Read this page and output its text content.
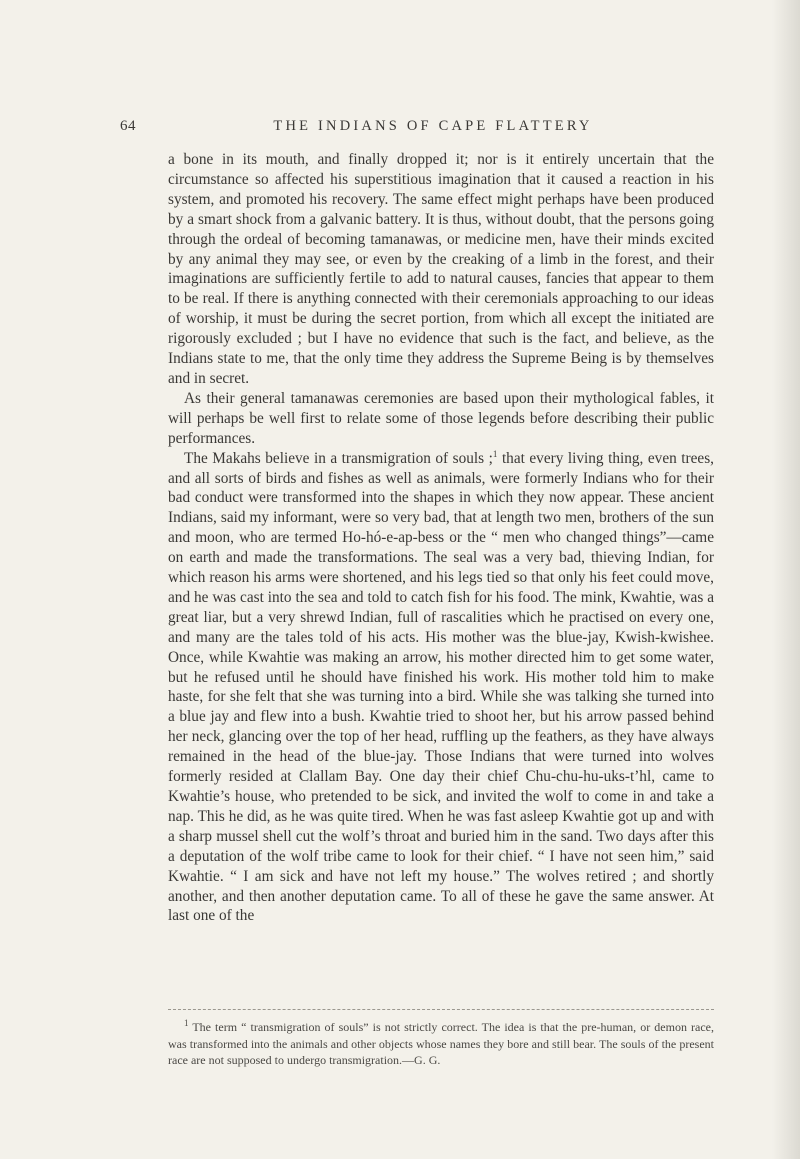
64	THE INDIANS OF CAPE FLATTERY

a bone in its mouth, and finally dropped it; nor is it entirely uncertain that the circumstance so affected his superstitious imagination that it caused a reaction in his system, and promoted his recovery. The same effect might perhaps have been produced by a smart shock from a galvanic battery. It is thus, without doubt, that the persons going through the ordeal of becoming tamanawas, or medicine men, have their minds excited by any animal they may see, or even by the creaking of a limb in the forest, and their imaginations are sufficiently fertile to add to natural causes, fancies that appear to them to be real. If there is anything connected with their ceremonials approaching to our ideas of worship, it must be during the secret portion, from which all except the initiated are rigorously excluded ; but I have no evidence that such is the fact, and believe, as the Indians state to me, that the only time they address the Supreme Being is by themselves and in secret.

As their general tamanawas ceremonies are based upon their mythological fables, it will perhaps be well first to relate some of those legends before describing their public performances.

The Makahs believe in a transmigration of souls ;$^1$ that every living thing, even trees, and all sorts of birds and fishes as well as animals, were formerly Indians who for their bad conduct were transformed into the shapes in which they now appear. These ancient Indians, said my informant, were so very bad, that at length two men, brothers of the sun and moon, who are termed Ho-hó-e-ap-bess or the “ men who changed things”—came on earth and made the transformations. The seal was a very bad, thieving Indian, for which reason his arms were shortened, and his legs tied so that only his feet could move, and he was cast into the sea and told to catch fish for his food. The mink, Kwahtie, was a great liar, but a very shrewd Indian, full of rascalities which he practised on every one, and many are the tales told of his acts. His mother was the blue-jay, Kwish-kwishee. Once, while Kwahtie was making an arrow, his mother directed him to get some water, but he refused until he should have finished his work. His mother told him to make haste, for she felt that she was turning into a bird. While she was talking she turned into a blue jay and flew into a bush. Kwahtie tried to shoot her, but his arrow passed behind her neck, glancing over the top of her head, ruffling up the feathers, as they have always remained in the head of the blue-jay. Those Indians that were turned into wolves formerly resided at Clallam Bay. One day their chief Chu-chu-hu-uks-t’hl, came to Kwahtie’s house, who pretended to be sick, and invited the wolf to come in and take a nap. This he did, as he was quite tired. When he was fast asleep Kwahtie got up and with a sharp mussel shell cut the wolf’s throat and buried him in the sand. Two days after this a deputation of the wolf tribe came to look for their chief. “ I have not seen him,” said Kwahtie. “ I am sick and have not left my house.” The wolves retired ; and shortly another, and then another deputation came. To all of these he gave the same answer. At last one of the

$^1$ The term “ transmigration of souls” is not strictly correct. The idea is that the pre-human, or demon race, was transformed into the animals and other objects whose names they bore and still bear. The souls of the present race are not supposed to undergo transmigration.—G. G.
